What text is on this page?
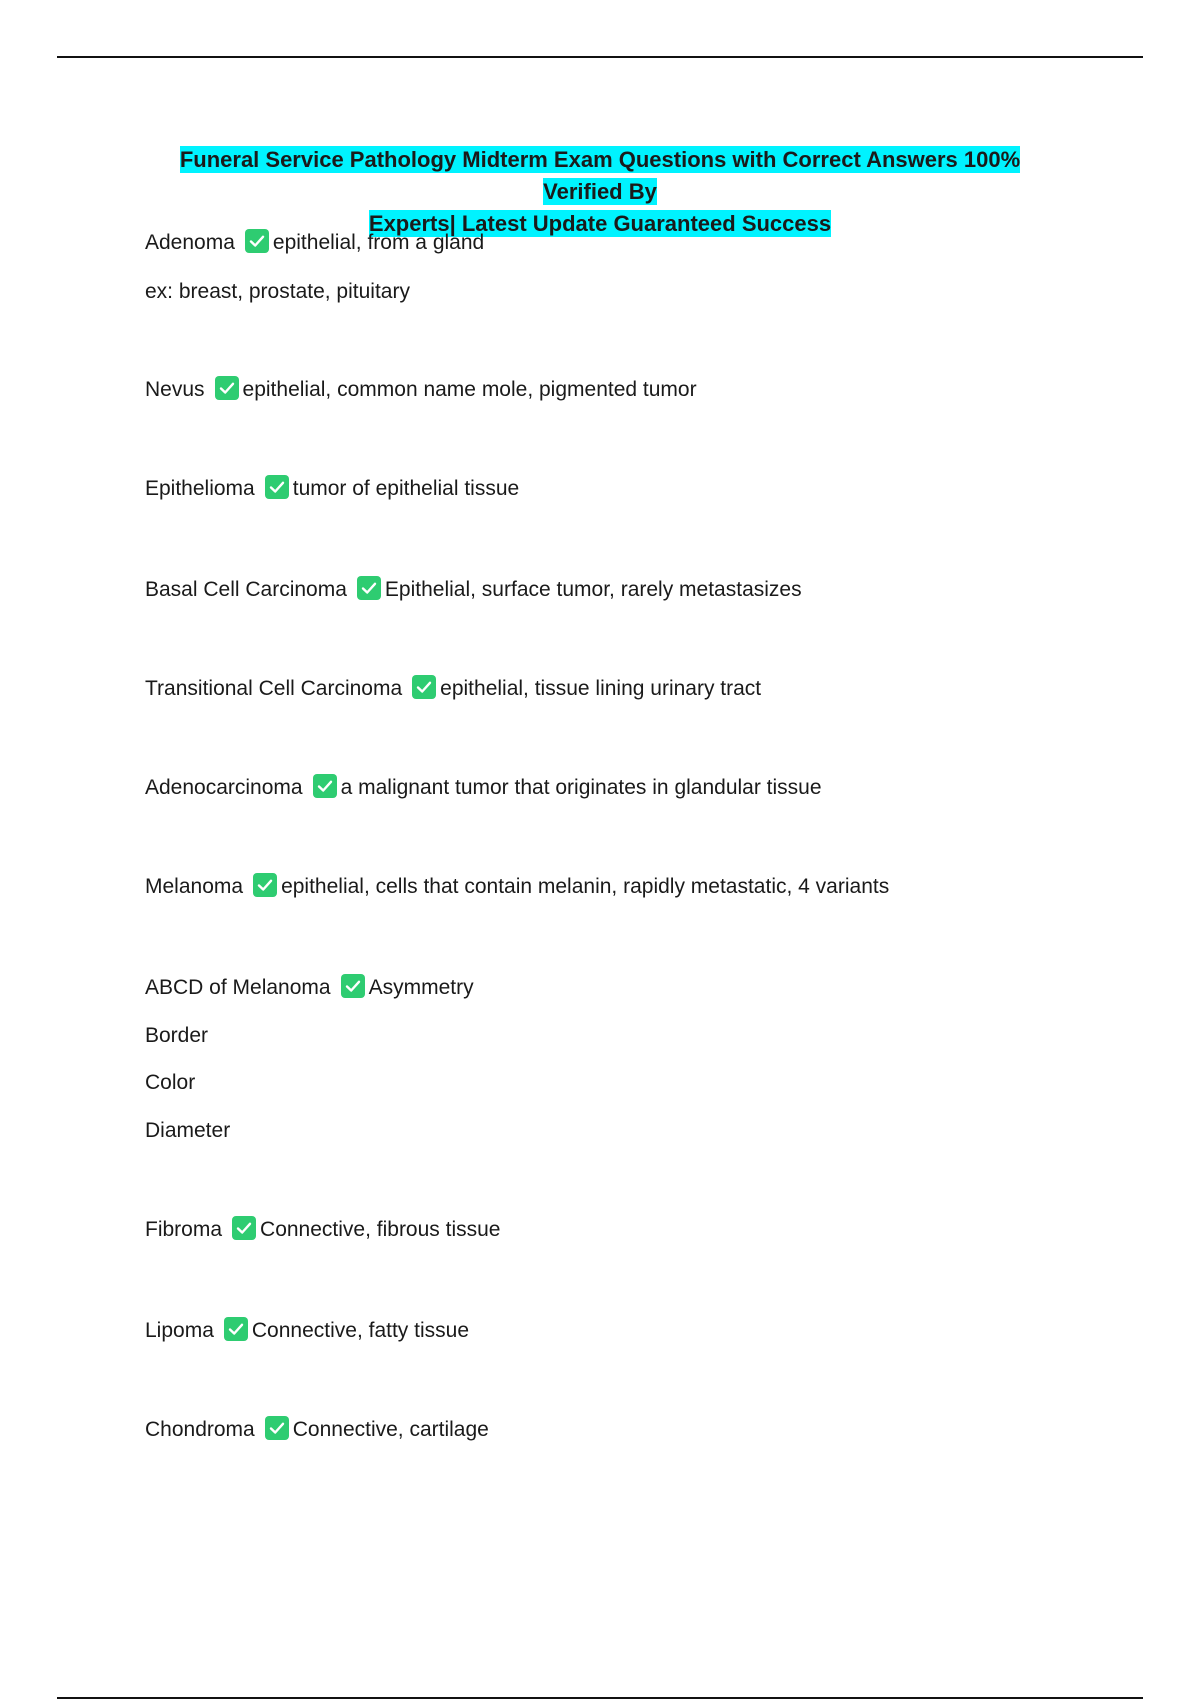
Funeral Service Pathology Midterm Exam Questions with Correct Answers 100% Verified By
Experts| Latest Update Guaranteed Success
Adenoma epithelial, from a gland
ex: breast, prostate, pituitary
Nevus epithelial, common name mole, pigmented tumor
Epithelioma tumor of epithelial tissue
Basal Cell Carcinoma Epithelial, surface tumor, rarely metastasizes
Transitional Cell Carcinoma epithelial, tissue lining urinary tract
Adenocarcinoma a malignant tumor that originates in glandular tissue
Melanoma epithelial, cells that contain melanin, rapidly metastatic, 4 variants
ABCD of Melanoma Asymmetry
Border
Color
Diameter
Fibroma Connective, fibrous tissue
Lipoma Connective, fatty tissue
Chondroma Connective, cartilage
